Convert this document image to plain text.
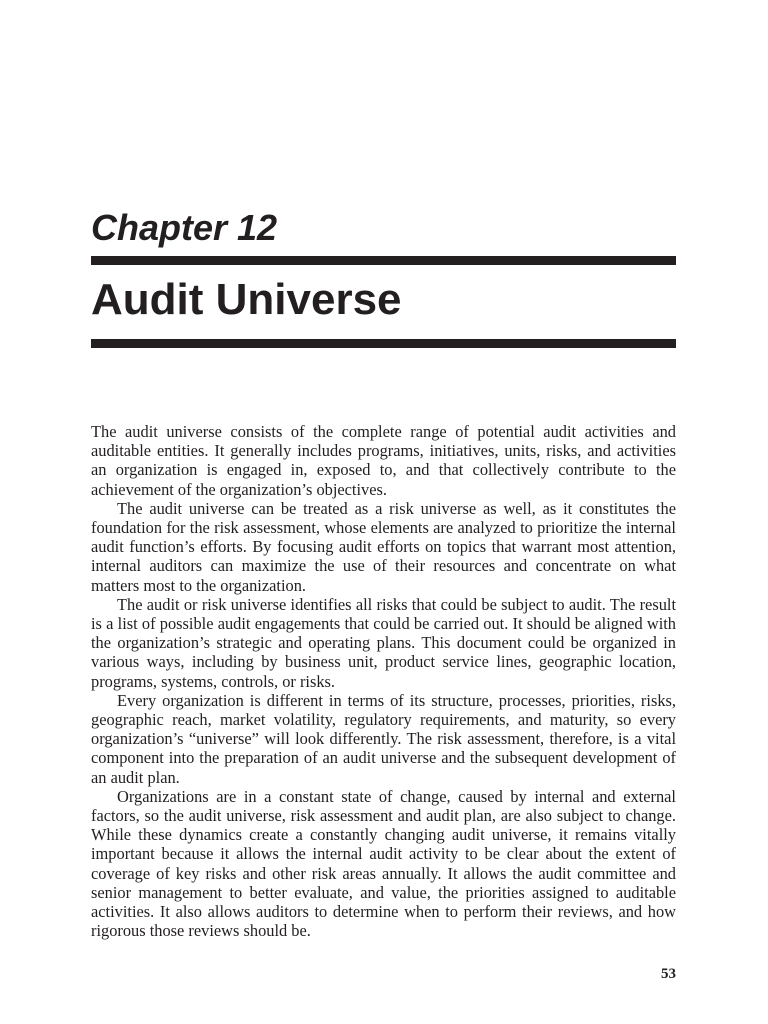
Chapter 12
Audit Universe

The audit universe consists of the complete range of potential audit activities and auditable entities. It generally includes programs, initiatives, units, risks, and activities an organization is engaged in, exposed to, and that collectively contribute to the achievement of the organization’s objectives.

The audit universe can be treated as a risk universe as well, as it constitutes the foundation for the risk assessment, whose elements are analyzed to prioritize the internal audit function’s efforts. By focusing audit efforts on topics that warrant most attention, internal auditors can maximize the use of their resources and concentrate on what matters most to the organization.

The audit or risk universe identifies all risks that could be subject to audit. The result is a list of possible audit engagements that could be carried out. It should be aligned with the organization’s strategic and operating plans. This document could be organized in various ways, including by business unit, product service lines, geographic location, programs, systems, controls, or risks.

Every organization is different in terms of its structure, processes, priorities, risks, geographic reach, market volatility, regulatory requirements, and maturity, so every organization’s “universe” will look differently. The risk assessment, therefore, is a vital component into the preparation of an audit universe and the subsequent development of an audit plan.

Organizations are in a constant state of change, caused by internal and external factors, so the audit universe, risk assessment and audit plan, are also subject to change. While these dynamics create a constantly changing audit universe, it remains vitally important because it allows the internal audit activity to be clear about the extent of coverage of key risks and other risk areas annually. It allows the audit committee and senior management to better evaluate, and value, the priorities assigned to auditable activities. It also allows auditors to determine when to perform their reviews, and how rigorous those reviews should be.

53
